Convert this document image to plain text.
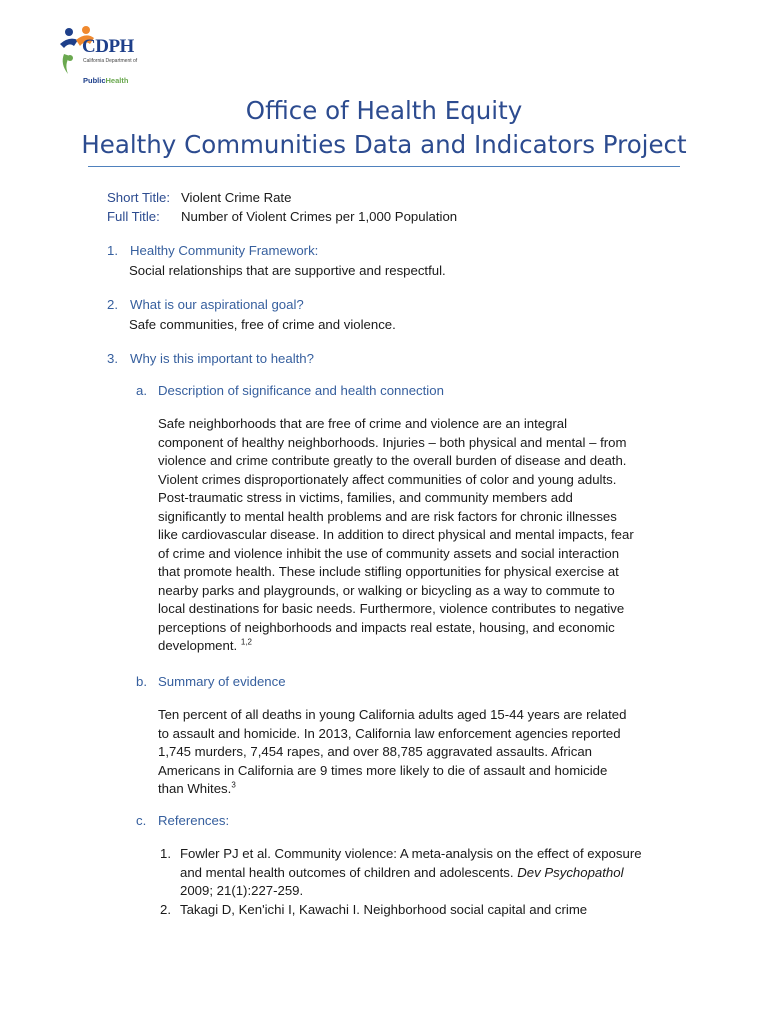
CDPH
California Department of
PublicHealth
Office of Health Equity
Healthy Communities Data and Indicators Project
Short Title: Violent Crime Rate
Full Title: Number of Violent Crimes per 1,000 Population
1. Healthy Community Framework:
Social relationships that are supportive and respectful.
2. What is our aspirational goal?
Safe communities, free of crime and violence.
3. Why is this important to health?
a. Description of significance and health connection
Safe neighborhoods that are free of crime and violence are an integral
component of healthy neighborhoods. Injuries – both physical and mental – from
violence and crime contribute greatly to the overall burden of disease and death.
Violent crimes disproportionately affect communities of color and young adults.
Post-traumatic stress in victims, families, and community members add
significantly to mental health problems and are risk factors for chronic illnesses
like cardiovascular disease. In addition to direct physical and mental impacts, fear
of crime and violence inhibit the use of community assets and social interaction
that promote health. These include stifling opportunities for physical exercise at
nearby parks and playgrounds, or walking or bicycling as a way to commute to
local destinations for basic needs. Furthermore, violence contributes to negative
perceptions of neighborhoods and impacts real estate, housing, and economic
development. $^{1,2}$
b. Summary of evidence
Ten percent of all deaths in young California adults aged 15-44 years are related
to assault and homicide. In 2013, California law enforcement agencies reported
1,745 murders, 7,454 rapes, and over 88,785 aggravated assaults. African
Americans in California are 9 times more likely to die of assault and homicide
than Whites.$^3$
c. References:
1. Fowler PJ et al. Community violence: A meta-analysis on the effect of exposure
and mental health outcomes of children and adolescents. Dev Psychopathol
2009; 21(1):227-259.
2. Takagi D, Ken'ichi I, Kawachi I. Neighborhood social capital and crime
